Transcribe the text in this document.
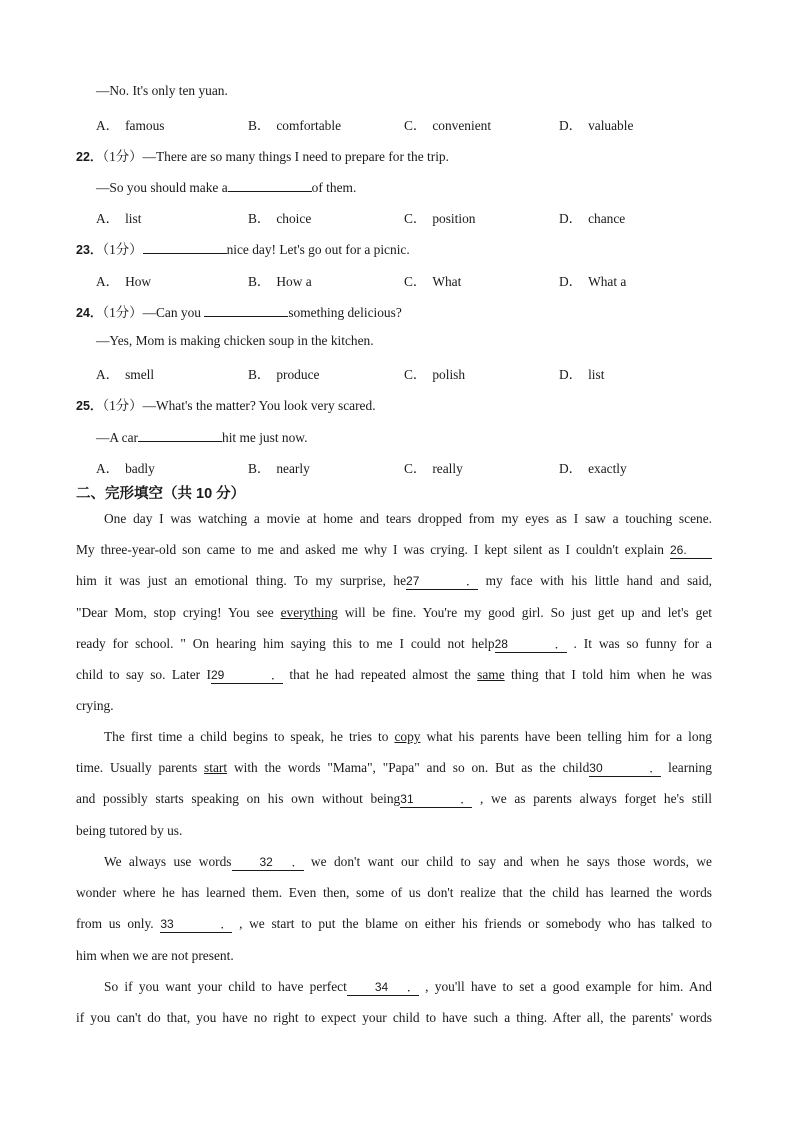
—No. It's only ten yuan.
A． famous	B． comfortable	C． convenient	D． valuable
22．（1分）—There are so many things I need to prepare for the trip.
—So you should make a	of them.
A． list	B． choice	C． position	D． chance
23．（1分）	nice day! Let's go out for a picnic.
A． How	B． How a	C． What	D． What a
24．（1分）—Can you	something delicious?
—Yes, Mom is making chicken soup in the kitchen.
A． smell	B． produce	C． polish	D． list
25．（1分）—What's the matter? You look very scared.
—A car	hit me just now.
A． badly	B． nearly	C． really	D． exactly
二、完形填空（共 10 分）
One day I was watching a movie at home and tears dropped from my eyes as I saw a touching scene.
My three-year-old son came to me and asked me why I was crying. I kept silent as I couldn't explain 26.
him it was just an emotional thing. To my surprise, he27． my face with his little hand and said,
"Dear Mom, stop crying! You see everything will be fine. You're my good girl. So just get up and let's get
ready for school. " On hearing him saying this to me I could not help28． . It was so funny for a
child to say so. Later I29． that he had repeated almost the same thing that I told him when he was
crying.
The first time a child begins to speak, he tries to copy what his parents have been telling him for a long
time. Usually parents start with the words "Mama", "Papa" and so on. But as the child30． learning
and possibly starts speaking on his own without being31． , we as parents always forget he's still
being tutored by us.
We always use words 32． we don't want our child to say and when he says those words, we
wonder where he has learned them. Even then, some of us don't realize that the child has learned the words
from us only. 33． , we start to put the blame on either his friends or somebody who has talked to
him when we are not present.
So if you want your child to have perfect 34． , you'll have to set a good example for him. And
if you can't do that, you have no right to expect your child to have such a thing. After all, the parents' words
